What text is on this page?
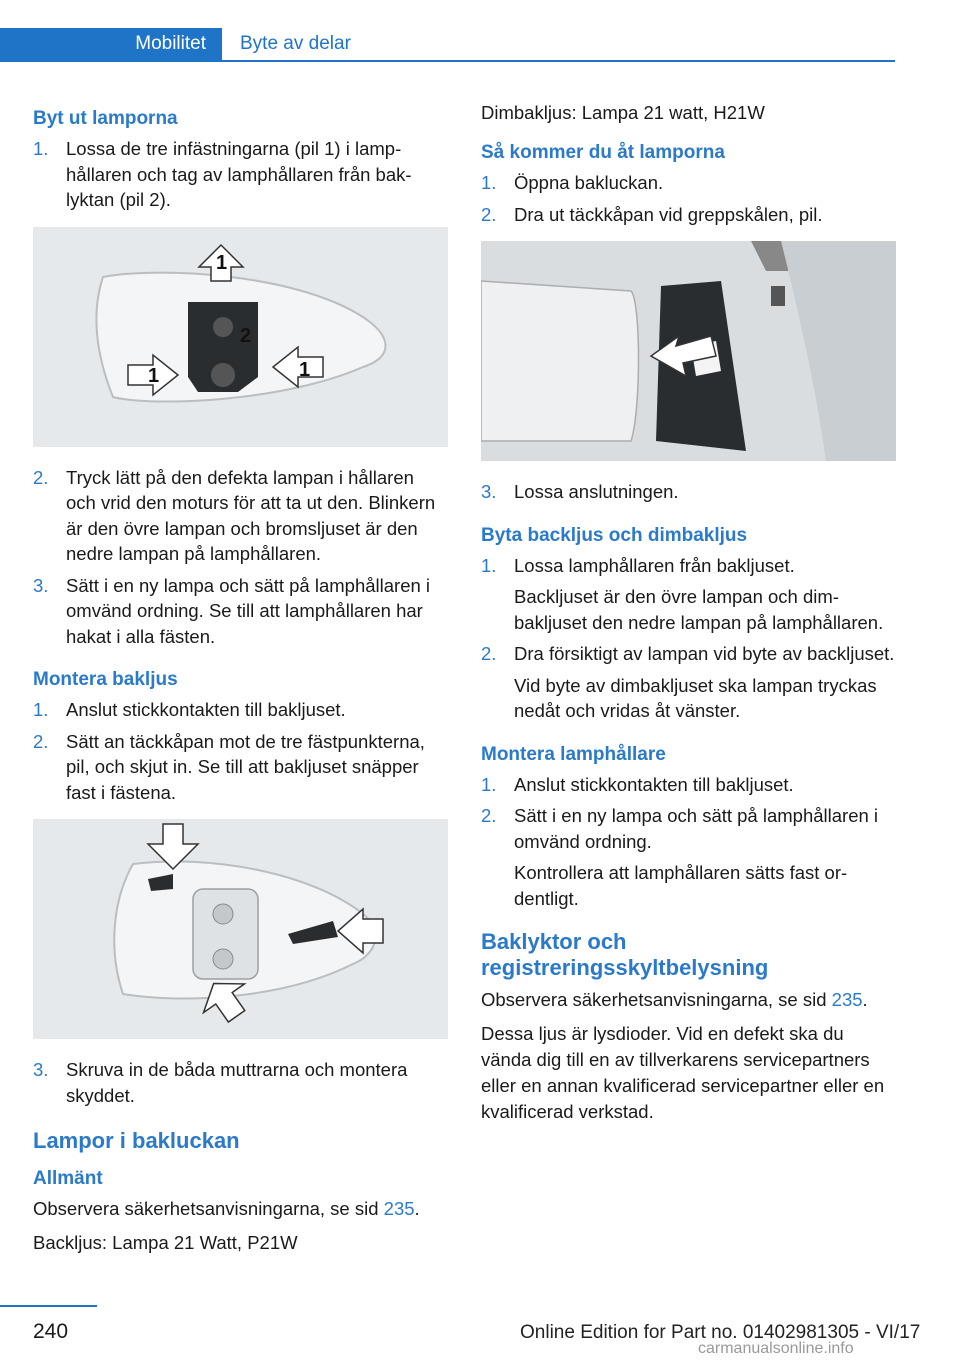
Mobilitet Byte av delar
Byt ut lamporna
1. Lossa de tre infästningarna (pil 1) i lamphållaren och tag av lamphållaren från baklyktan (pil 2).
1
2
1	1
2. Tryck lätt på den defekta lampan i hållaren och vrid den moturs för att ta ut den. Blinkern är den övre lampan och bromsljuset är den nedre lampan på lamphållaren.
3. Sätt i en ny lampa och sätt på lamphållaren i omvänd ordning. Se till att lamphållaren har hakat i alla fästen.
Montera bakljus
1. Anslut stickkontakten till bakljuset.
2. Sätt an täckkåpan mot de tre fästpunkterna, pil, och skjut in. Se till att bakljuset snäpper fast i fästena.
3. Skruva in de båda muttrarna och montera skyddet.
Lampor i bakluckan
Allmänt
Observera säkerhetsanvisningarna, se sid 235.
Backljus: Lampa 21 Watt, P21W
Dimbakljus: Lampa 21 watt, H21W
Så kommer du åt lamporna
1. Öppna bakluckan.
2. Dra ut täckkåpan vid greppskålen, pil.
3. Lossa anslutningen.
Byta backljus och dimbakljus
1. Lossa lamphållaren från bakljuset.
Backljuset är den övre lampan och dimbakljuset den nedre lampan på lamphållaren.
2. Dra försiktigt av lampan vid byte av backljuset.
Vid byte av dimbakljuset ska lampan tryckas nedåt och vridas åt vänster.
Montera lamphållare
1. Anslut stickkontakten till bakljuset.
2. Sätt i en ny lampa och sätt på lamphållaren i omvänd ordning.
Kontrollera att lamphållaren sätts fast ordentligt.
Baklyktor och registreringsskyltbelysning
Observera säkerhetsanvisningarna, se sid 235.
Dessa ljus är lysdioder. Vid en defekt ska du vända dig till en av tillverkarens servicepartners eller en annan kvalificerad servicepartner eller en kvalificerad verkstad.
240	Online Edition for Part no. 01402981305 - VI/17
carmanualsonline.info
